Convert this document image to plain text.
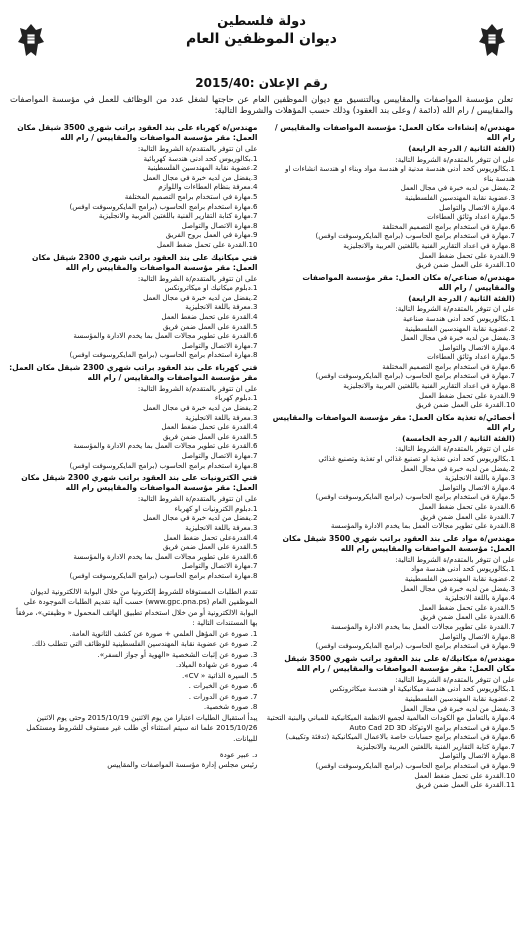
دولة فلسطين
ديوان الموظفين العام
رقم الإعلان :2015/40
تعلن مؤسسة المواصفات والمقاييس وبالتنسيق مع ديوان الموظفين العام عن حاجتها لشغل عدد من الوظائف للعمل في مؤسسة المواصفات والمقاييس / رام الله (دائمة / وعلى بند العقود) وذلك حسب المؤهلات والشروط التالية:
مهندس/ة إنشاءات مكان العمل: مؤسسة المواصفات والمقاييس / رام الله
(الفئة الثانية / الدرجة الرابعة)
على ان تتوفر بالمتقدم/ة الشروط التالية:
1.بكالوريوس كحد أدنى هندسة مدنية او هندسة مواد وبناء او هندسة انشاءات او هندسة بناء
2.يفضل من لديه خبرة في مجال العمل
3.عضوية نقابة المهندسين الفلسطينية
4.مهارة الاتصال والتواصل
5.مهارة اعداد وثائق العطاءات
6.مهارة في استخدام برامج التصميم المختلفة
7.مهارة في استخدام برامج الحاسوب (برامج المايكروسوفت اوفس)
8.مهارة في اعداد التقارير الفنية باللغتين العربية والانجليزية
9.القدرة على تحمل ضغط العمل
10.القدرة على العمل ضمن فريق
مهندس/ة صناعي/ة مكان العمل: مقر مؤسسة المواصفات والمقاييس / رام الله
(الفئة الثانية / الدرجة الرابعة)
على ان تتوفر بالمتقدم/ة الشروط التالية:
1.بكالوريوس كحد أدنى هندسة صناعية
2.عضوية نقابة المهندسين الفلسطينية
3.يفضل من لديه خبرة في مجال العمل
4.مهارة الاتصال والتواصل
5.مهارة اعداد وثائق العطاءات
6.مهارة في استخدام برامج التصميم المختلفة
7.مهارة في استخدام برامج الحاسوب (برامج المايكروسوفت اوفس)
8.مهارة في اعداد التقارير الفنية باللغتين العربية والانجليزية
9.القدرة على تحمل ضغط العمل
10.القدرة على العمل ضمن فريق
أخصائي/ة تغذية مكان العمل: مقر مؤسسة المواصفات والمقاييس رام الله
(الفئة الثانية / الدرجة الخامسة)
على ان تتوفر بالمتقدم/ة الشروط التالية:
1.بكالوريوس كحد أدنى تغذية او تصنيع غذائي او تغذية وتصنيع غذائي
2.يفضل من لديه خبرة في مجال العمل
3.مهارة باللغة الانجليزية
4.مهارة الاتصال والتواصل
5.مهارة في استخدام برامج الحاسوب (برامج المايكروسوفت اوفس)
6.القدرة على تحمل ضغط العمل
7.القدرة على العمل ضمن فريق
8.القدرة على تطوير مجالات العمل بما يخدم الادارة والمؤسسة
مهندس/ة مواد على بند العقود براتب شهري 3500 شيقل مكان العمل: مؤسسة المواصفات والمقاييس رام الله
على ان تتوفر بالمتقدم/ة الشروط التالية:
1.بكالوريوس كحد أدنى هندسة مواد
2.عضوية نقابة المهندسين الفلسطينية
3.يفضل من لديه خبرة في مجال العمل
4.مهارة باللغة الانجليزية
5.القدرة على تحمل ضغط العمل
6.القدرة على العمل ضمن فريق
7.القدرة على تطوير مجالات العمل بما يخدم الادارة والمؤسسة
8.مهارة الاتصال والتواصل
9.مهارة في استخدام برامج الحاسوب (برامج المايكروسوفت اوفس)
مهندس/ة ميكانيك/ة على بند العقود براتب شهري 3500 شيقل مكان العمل: مقر مؤسسة المواصفات والمقاييس / رام الله
على ان تتوفر بالمتقدم/ة الشروط التالية:
1.بكالوريوس كحد أدنى هندسة ميكانيكية او هندسة ميكاترونكس
2.عضوية نقابة المهندسين الفلسطينية
3.يفضل من لديه خبرة في مجال العمل
4.مهارة بالتعامل مع الكودات العالمية لجميع الانظمة الميكانيكية للمباني والبنية التحتية
5.مهارة في استخدام برامج الاوتوكاد Auto Cad 2D 3D
6.مهارة في استخدام برامج حسابات خاصة بالاعمال الميكانيكية (تدفئة وتكييف)
7.مهارة كتابة التقارير الفنية باللغتين العربية والانجليزية
8.مهارة الاتصال والتواصل
9.مهارة في استخدام برامج الحاسوب (برامج المايكروسوفت اوفس)
10.القدرة على تحمل ضغط العمل
11.القدرة على العمل ضمن فريق
مهندس/ة كهرباء على بند العقود براتب شهري 3500 شيقل مكان العمل: مقر مؤسسة المواصفات والمقاييس / رام الله
على ان تتوفر بالمتقدم/ة الشروط التالية:
1.بكالوريوس كحد ادنى هندسة كهربائية
2.عضوية نقابة المهندسين الفلسطينية
3.يفضل من لديه خبرة في مجال العمل
4.معرفة بنظام العطاءات واللوازم
5.مهارة في استخدام برامج التصميم المختلفة
6.مهارة استخدام برامج الحاسوب (برامج المايكروسوفت اوفس)
7.مهارة كتابة التقارير الفنية باللغتين العربية والانجليزية
8.مهارة الاتصال والتواصل
9.مهارة في العمل بروح الفريق
10.القدرة على تحمل ضغط العمل
فني ميكانيك على بند العقود براتب شهري 2300 شيقل مكان العمل: مقر مؤسسة المواصفات والمقاييس رام الله
على ان تتوفر بالمتقدم/ة الشروط التالية:
1.دبلوم ميكانيك او ميكاترونكس
2.يفضل من لديه خبرة في مجال العمل
3.معرفة باللغة الانجليزية
4.القدرة على تحمل ضغط العمل
5.القدرة على العمل ضمن فريق
6.القدرة على تطوير مجالات العمل بما يخدم الادارة والمؤسسة
7.مهارة الاتصال والتواصل
8.مهارة استخدام برامج الحاسوب (برامج المايكروسوفت اوفس)
فني كهرباء على بند العقود براتب شهري 2300 شيقل مكان العمل: مقر مؤسسة المواصفات والمقاييس / رام الله
على ان تتوفر بالمتقدم/ة الشروط التالية:
1.دبلوم كهرباء
2.يفضل من لديه خبرة في مجال العمل
3.معرفة باللغة الانجليزية
4.القدرة على تحمل ضغط العمل
5.القدرة على العمل ضمن فريق
6.القدرة على تطوير مجالات العمل بما يخدم الادارة والمؤسسة
7.مهارة الاتصال والتواصل
8.مهارة استخدام برامج الحاسوب (برامج المايكروسوفت اوفس)
فني الكترونيات على بند العقود براتب شهري 2300 شيقل مكان العمل: مقر مؤسسة المواصفات والمقاييس رام الله
على ان تتوفر بالمتقدم/ة الشروط التالية:
1.دبلوم الكترونيات او كهرباء
2.يفضل من لديه خبرة في مجال العمل
3.معرفة باللغة الانجليزية
4.القدرةعلى تحمل ضغط العمل
5.القدرة على العمل ضمن فريق
6.القدرة على تطوير مجالات العمل بما يخدم الادارة والمؤسسة
7.مهارة الاتصال والتواصل
8.مهارة استخدام برامج الحاسوب (برامج المايكروسوفت اوفس)
تقدم الطلبات المستوفاة للشروط إلكترونيا من خلال البوابة الالكترونية لديوان الموظفين العام (www.gpc.pna.ps) حسب آلية تقديم الطلبات الموجودة على البوابة الالكترونية أو من خلال استخدام تطبيق الهاتف المحمول « وظيفتي»، مرفقاً بها المستندات التالية :
1. صورة عن المؤهل العلمي + صورة عن كشف الثانوية العامة.
2. صورة عن عضوية نقابة المهندسين الفلسطينية للوظائف التي تتطلب ذلك.
3. صورة عن إثبات الشخصية «الهوية أو جواز السفر».
4. صورة عن شهادة الميلاد.
5. السيرة الذاتية « CV».
6. صورة عن الخبرات .
7. صورة عن الدورات .
8. صورة شخصية.
يبدأ استقبال الطلبات اعتبارا من يوم الاثنين 2015/10/19 وحتى يوم الاثنين 2015/10/26 علما انه سيتم استثناء أي طلب غير مستوف للشروط ومستكمل للبيانات.
د. عبير عودة
رئيس مجلس إدارة مؤسسة المواصفات والمقاييس
